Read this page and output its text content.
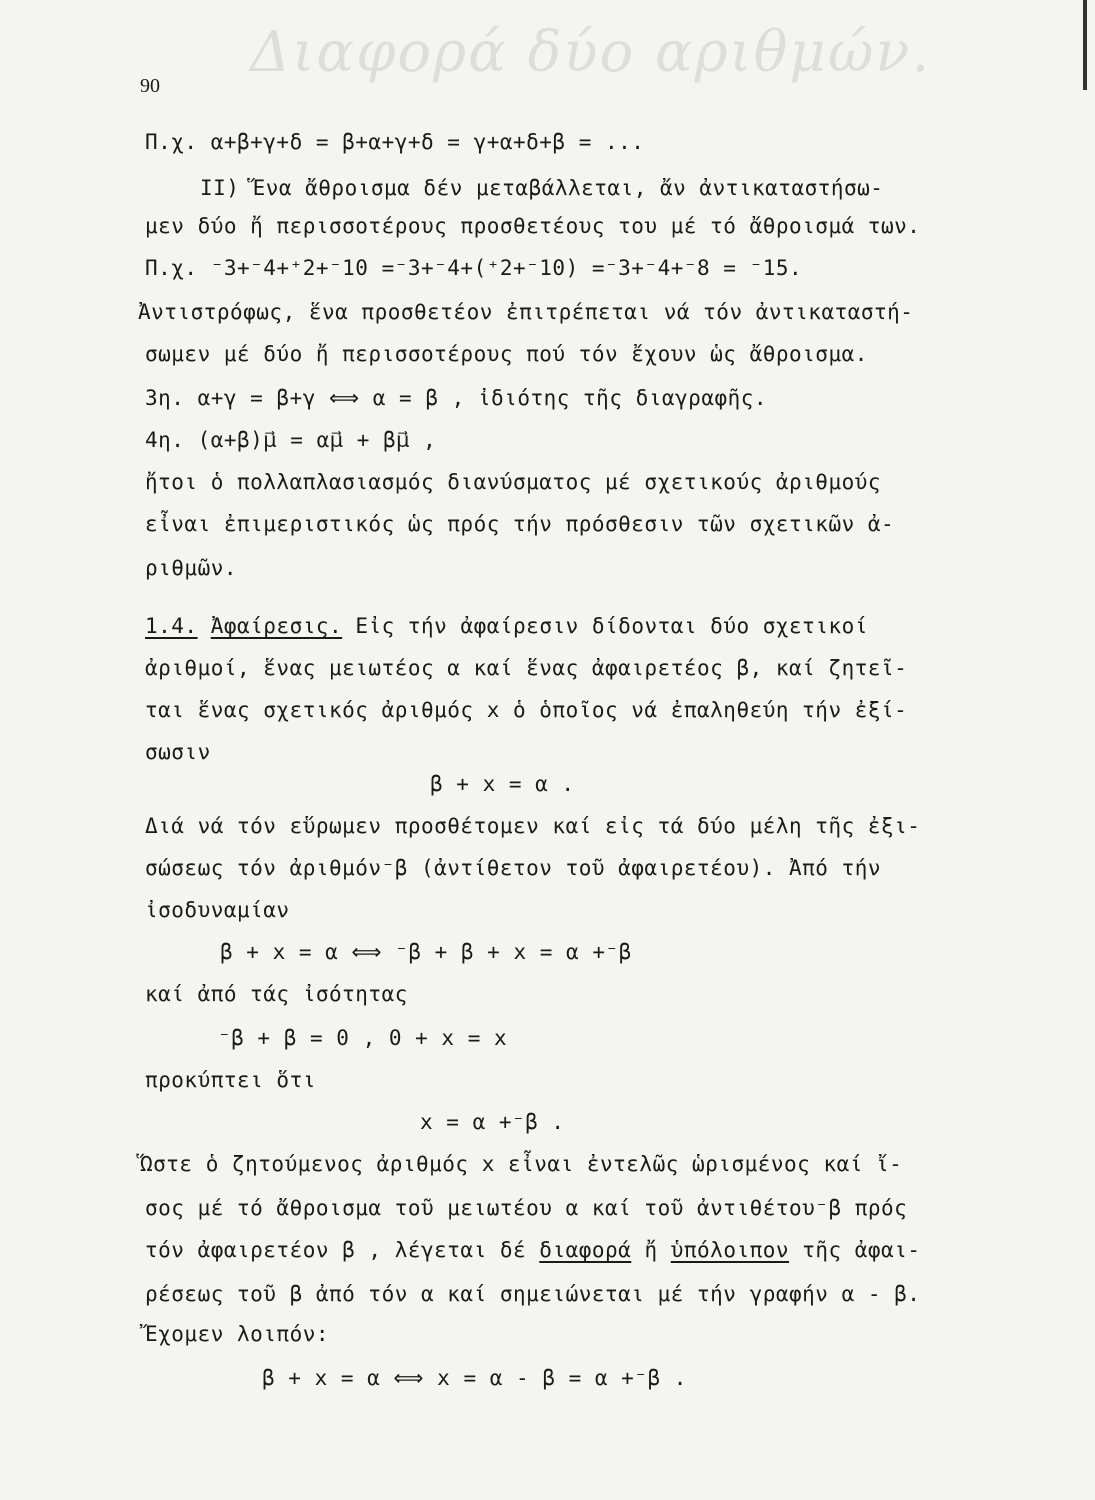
Διαφορά δύο αριθμών.
90
Π.χ. α+β+γ+δ = β+α+γ+δ = γ+α+δ+β = ...
II) Ἕνα ἄθροισμα δέν μεταβάλλεται, ἄν ἀντικαταστήσω-
μεν δύο ἤ περισσοτέρους προσθετέους του μέ τό ἄθροισμά των.
Π.χ. ⁻3+⁻4+⁺2+⁻10 =⁻3+⁻4+(⁺2+⁻10) =⁻3+⁻4+⁻8 = ⁻15.
Ἀντιστρόφως, ἕνα προσθετέον ἐπιτρέπεται νά τόν ἀντικαταστή-
σωμεν μέ δύο ἤ περισσοτέρους πού τόν ἔχουν ὡς ἄθροισμα.
3η. α+γ = β+γ ⟺ α = β , ἰδιότης τῆς διαγραφῆς.
4η. (α+β)μ⃗ = αμ⃗ + βμ⃗ ,
ἤτοι ὁ πολλαπλασιασμός διανύσματος μέ σχετικούς ἀριθμούς
εἶναι ἐπιμεριστικός ὡς πρός τήν πρόσθεσιν τῶν σχετικῶν ἀ-
ριθμῶν.
1.4. Ἀφαίρεσις. Εἰς τήν ἀφαίρεσιν δίδονται δύο σχετικοί
ἀριθμοί, ἕνας μειωτέος α καί ἕνας ἀφαιρετέος β, καί ζητεῖ-
ται ἕνας σχετικός ἀριθμός x ὁ ὁποῖος νά ἐπαληθεύη τήν ἐξί-
σωσιν
β + x = α .
Διά νά τόν εὕρωμεν προσθέτομεν καί εἰς τά δύο μέλη τῆς ἐξι-
σώσεως τόν ἀριθμόν⁻β (ἀντίθετον τοῦ ἀφαιρετέου). Ἀπό τήν
ἰσοδυναμίαν
β + x = α ⟺ ⁻β + β + x = α +⁻β
καί ἀπό τάς ἰσότητας
⁻β + β = 0 , 0 + x = x
προκύπτει ὅτι
x = α +⁻β .
Ὥστε ὁ ζητούμενος ἀριθμός x εἶναι ἐντελῶς ὡρισμένος καί ἴ-
σος μέ τό ἄθροισμα τοῦ μειωτέου α καί τοῦ ἀντιθέτου⁻β πρός
τόν ἀφαιρετέον β , λέγεται δέ διαφορά ἤ ὑπόλοιπον τῆς ἀφαι-
ρέσεως τοῦ β ἀπό τόν α καί σημειώνεται μέ τήν γραφήν α - β.
Ἔχομεν λοιπόν:
β + x = α ⟺ x = α - β = α +⁻β .
